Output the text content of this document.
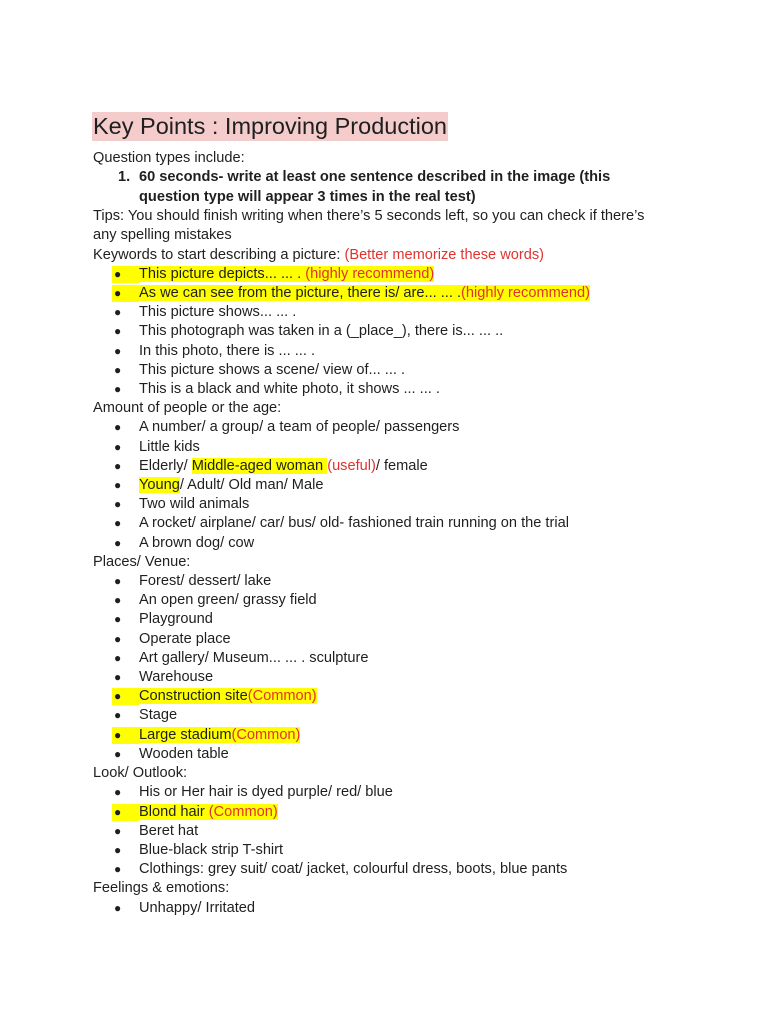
Key Points : Improving Production
Question types include:
1. 60 seconds- write at least one sentence described in the image (this question type will appear 3 times in the real test)
Tips: You should finish writing when there’s 5 seconds left, so you can check if there’s any spelling mistakes
Keywords to start describing a picture: (Better memorize these words)
● This picture depicts... ... . (highly recommend)
● As we can see from the picture, there is/ are... ... .(highly recommend)
● This picture shows... ... .
● This photograph was taken in a (_place_), there is... ... ..
● In this photo, there is ... ... .
● This picture shows a scene/ view of... ... .
● This is a black and white photo, it shows ... ... .
Amount of people or the age:
● A number/ a group/ a team of people/ passengers
● Little kids
● Elderly/ Middle-aged woman (useful)/ female
● Young/ Adult/ Old man/ Male
● Two wild animals
● A rocket/ airplane/ car/ bus/ old- fashioned train running on the trial
● A brown dog/ cow
Places/ Venue:
● Forest/ dessert/ lake
● An open green/ grassy field
● Playground
● Operate place
● Art gallery/ Museum... ... . sculpture
● Warehouse
● Construction site(Common)
● Stage
● Large stadium(Common)
● Wooden table
Look/ Outlook:
● His or Her hair is dyed purple/ red/ blue
● Blond hair (Common)
● Beret hat
● Blue-black strip T-shirt
● Clothings: grey suit/ coat/ jacket, colourful dress, boots, blue pants
Feelings & emotions:
● Unhappy/ Irritated
